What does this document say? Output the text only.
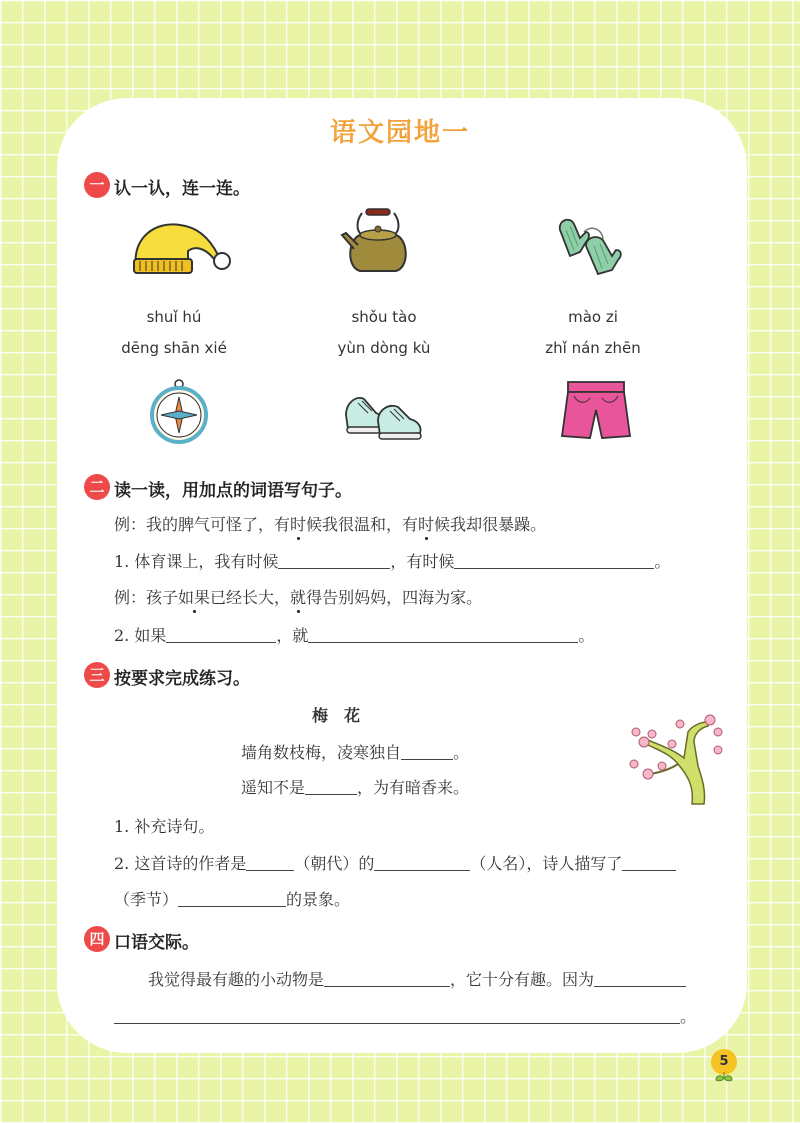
语文园地一
一 认一认，连一连。
shuǐ hú	shǒu tào	mào zi
dēng shān xié	yùn dòng kù	zhǐ nán zhēn
二 读一读，用加点的词语写句子。
例：我的脾气可怪了，有时候我很温和，有时候我却很暴躁。
1. 体育课上，我有时候	，有时候	。
例：孩子如果已经长大，就得告别妈妈，四海为家。
2. 如果	，就	。
三 按要求完成练习。
梅　花
墙角数枝梅，凌寒独自	。
遥知不是	，为有暗香来。
1. 补充诗句。
2. 这首诗的作者是	（朝代）的	（人名），诗人描写了
（季节）	的景象。
四 口语交际。
我觉得最有趣的小动物是	，它十分有趣。因为
。
5
